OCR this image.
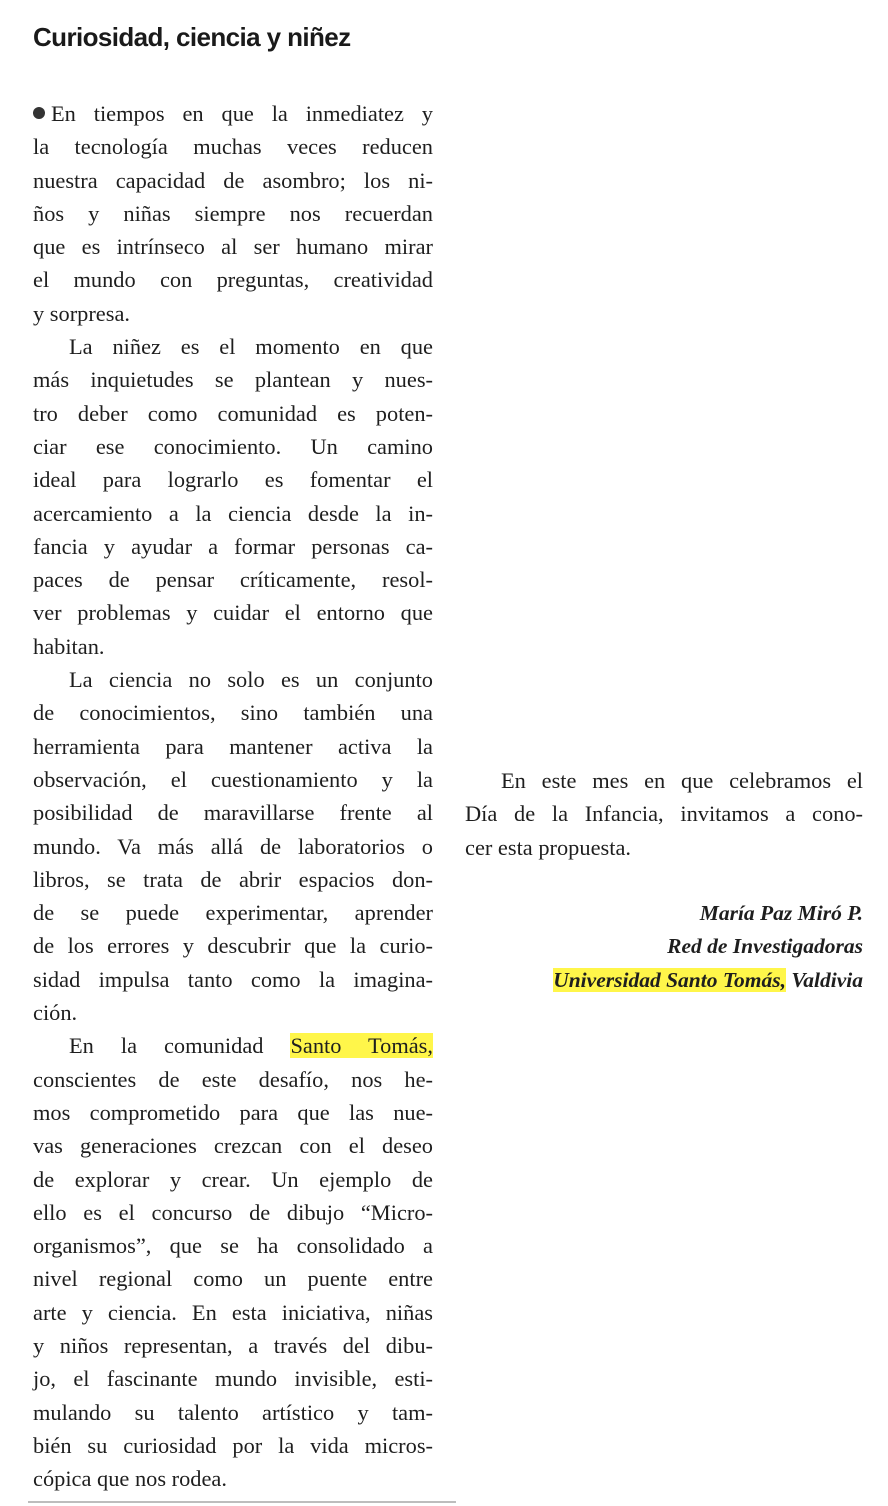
Curiosidad, ciencia y niñez
En tiempos en que la inmediatez y
la tecnología muchas veces reducen
nuestra capacidad de asombro; los ni-
ños y niñas siempre nos recuerdan
que es intrínseco al ser humano mirar
el mundo con preguntas, creatividad
y sorpresa.
La niñez es el momento en que
más inquietudes se plantean y nues-
tro deber como comunidad es poten-
ciar ese conocimiento. Un camino
ideal para lograrlo es fomentar el
acercamiento a la ciencia desde la in-
fancia y ayudar a formar personas ca-
paces de pensar críticamente, resol-
ver problemas y cuidar el entorno que
habitan.
La ciencia no solo es un conjunto
de conocimientos, sino también una
herramienta para mantener activa la
observación, el cuestionamiento y la
posibilidad de maravillarse frente al
mundo. Va más allá de laboratorios o
libros, se trata de abrir espacios don-
de se puede experimentar, aprender
de los errores y descubrir que la curio-
sidad impulsa tanto como la imagina-
ción.
En la comunidad Santo Tomás,
conscientes de este desafío, nos he-
mos comprometido para que las nue-
vas generaciones crezcan con el deseo
de explorar y crear. Un ejemplo de
ello es el concurso de dibujo “Micro-
organismos”, que se ha consolidado a
nivel regional como un puente entre
arte y ciencia. En esta iniciativa, niñas
y niños representan, a través del dibu-
jo, el fascinante mundo invisible, esti-
mulando su talento artístico y tam-
bién su curiosidad por la vida micros-
cópica que nos rodea.
En este mes en que celebramos el
Día de la Infancia, invitamos a cono-
cer esta propuesta.
María Paz Miró P.
Red de Investigadoras
Universidad Santo Tomás, Valdivia
